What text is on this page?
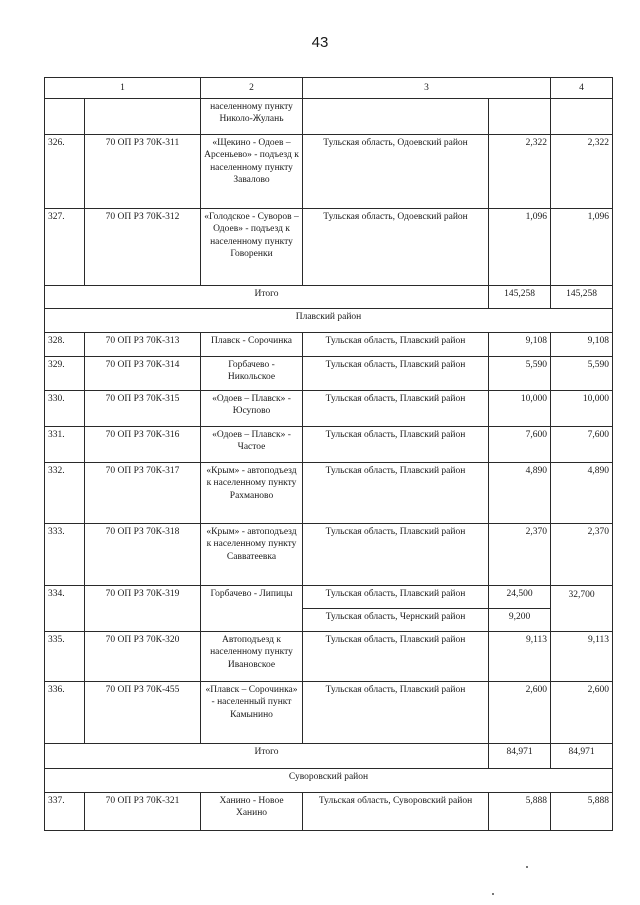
43
1		2	3		4
		населенному пункту Николо-Жулань			
326.	70 ОП РЗ 70К-311	«Щекино - Одоев – Арсеньево» - подъезд к населенному пункту Завалово	Тульская область, Одоевский район	2,322	2,322
327.	70 ОП РЗ 70К-312	«Голодское - Суворов – Одоев» - подъезд к населенному пункту Говоренки	Тульская область, Одоевский район	1,096	1,096
Итого				145,258	145,258
Плавский район					
328.	70 ОП РЗ 70К-313	Плавск - Сорочинка	Тульская область, Плавский район	9,108	9,108
329.	70 ОП РЗ 70К-314	Горбачево - Никольское	Тульская область, Плавский район	5,590	5,590
330.	70 ОП РЗ 70К-315	«Одоев – Плавск» - Юсупово	Тульская область, Плавский район	10,000	10,000
331.	70 ОП РЗ 70К-316	«Одоев – Плавск» - Частое	Тульская область, Плавский район	7,600	7,600
332.	70 ОП РЗ 70К-317	«Крым» - автоподъезд к населенному пункту Рахманово	Тульская область, Плавский район	4,890	4,890
333.	70 ОП РЗ 70К-318	«Крым» - автоподъезд к населенному пункту Савватеевка	Тульская область, Плавский район	2,370	2,370
334.	70 ОП РЗ 70К-319	Горбачево - Липицы	Тульская область, Плавский район	24,500	32,700
			Тульская область, Чернский район	9,200	
335.	70 ОП РЗ 70К-320	Автоподъезд к населенному пункту Ивановское	Тульская область, Плавский район	9,113	9,113
336.	70 ОП РЗ 70К-455	«Плавск – Сорочинка» - населенный пункт Камынино	Тульская область, Плавский район	2,600	2,600
Итого				84,971	84,971
Суворовский район					
337.	70 ОП РЗ 70К-321	Ханино - Новое Ханино	Тульская область, Суворовский район	5,888	5,888
